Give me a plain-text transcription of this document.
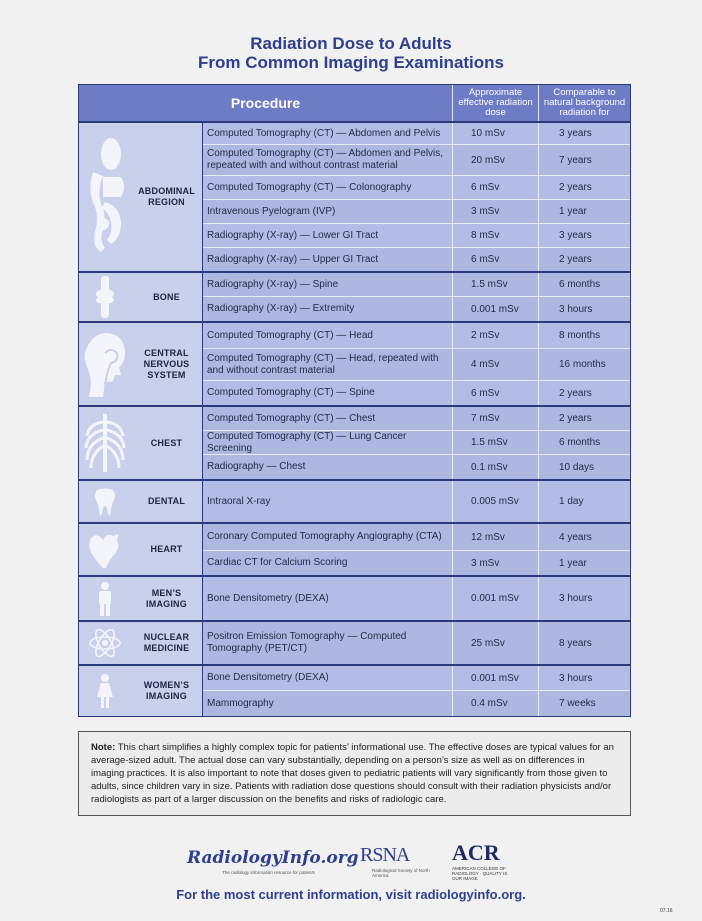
Radiation Dose to Adults
From Common Imaging Examinations
Procedure
Approximate effective radiation dose
Comparable to natural background radiation for
ABDOMINAL REGION
Computed Tomography (CT) — Abdomen and Pelvis	10 mSv	3 years
Computed Tomography (CT) — Abdomen and Pelvis, repeated with and without contrast material	20 mSv	7 years
Computed Tomography (CT) — Colonography	6 mSv	2 years
Intravenous Pyelogram (IVP)	3 mSv	1 year
Radiography (X-ray) — Lower GI Tract	8 mSv	3 years
Radiography (X-ray) — Upper GI Tract	6 mSv	2 years
BONE
Radiography (X-ray) — Spine	1.5 mSv	6 months
Radiography (X-ray) — Extremity	0.001 mSv	3 hours
CENTRAL NERVOUS SYSTEM
Computed Tomography (CT) — Head	2 mSv	8 months
Computed Tomography (CT) — Head, repeated with and without contrast material	4 mSv	16 months
Computed Tomography (CT) — Spine	6 mSv	2 years
CHEST
Computed Tomography (CT) — Chest	7 mSv	2 years
Computed Tomography (CT) — Lung Cancer Screening	1.5 mSv	6 months
Radiography — Chest	0.1 mSv	10 days
DENTAL	Intraoral X-ray	0.005 mSv	1 day
HEART
Coronary Computed Tomography Angiography (CTA)	12 mSv	4 years
Cardiac CT for Calcium Scoring	3 mSv	1 year
MEN’S IMAGING	Bone Densitometry (DEXA)	0.001 mSv	3 hours
NUCLEAR MEDICINE
Positron Emission Tomography — Computed Tomography (PET/CT)	25 mSv	8 years
WOMEN’S IMAGING
Bone Densitometry (DEXA)	0.001 mSv	3 hours
Mammography	0.4 mSv	7 weeks
Note: This chart simplifies a highly complex topic for patients’ informational use. The effective doses are typical values for an average-sized adult. The actual dose can vary substantially, depending on a person’s size as well as on differences in imaging practices. It is also important to note that doses given to pediatric patients will vary significantly from those given to adults, since children vary in size. Patients with radiation dose questions should consult with their radiation physicists and/or radiologists as part of a larger discussion on the benefits and risks of radiologic care.
RadiologyInfo.org
The radiology information resource for patients
RSNA
Radiological Society of North America
ACR
AMERICAN COLLEGE OF RADIOLOGY · QUALITY IS OUR IMAGE
For the most current information, visit radiologyinfo.org.
07.16
